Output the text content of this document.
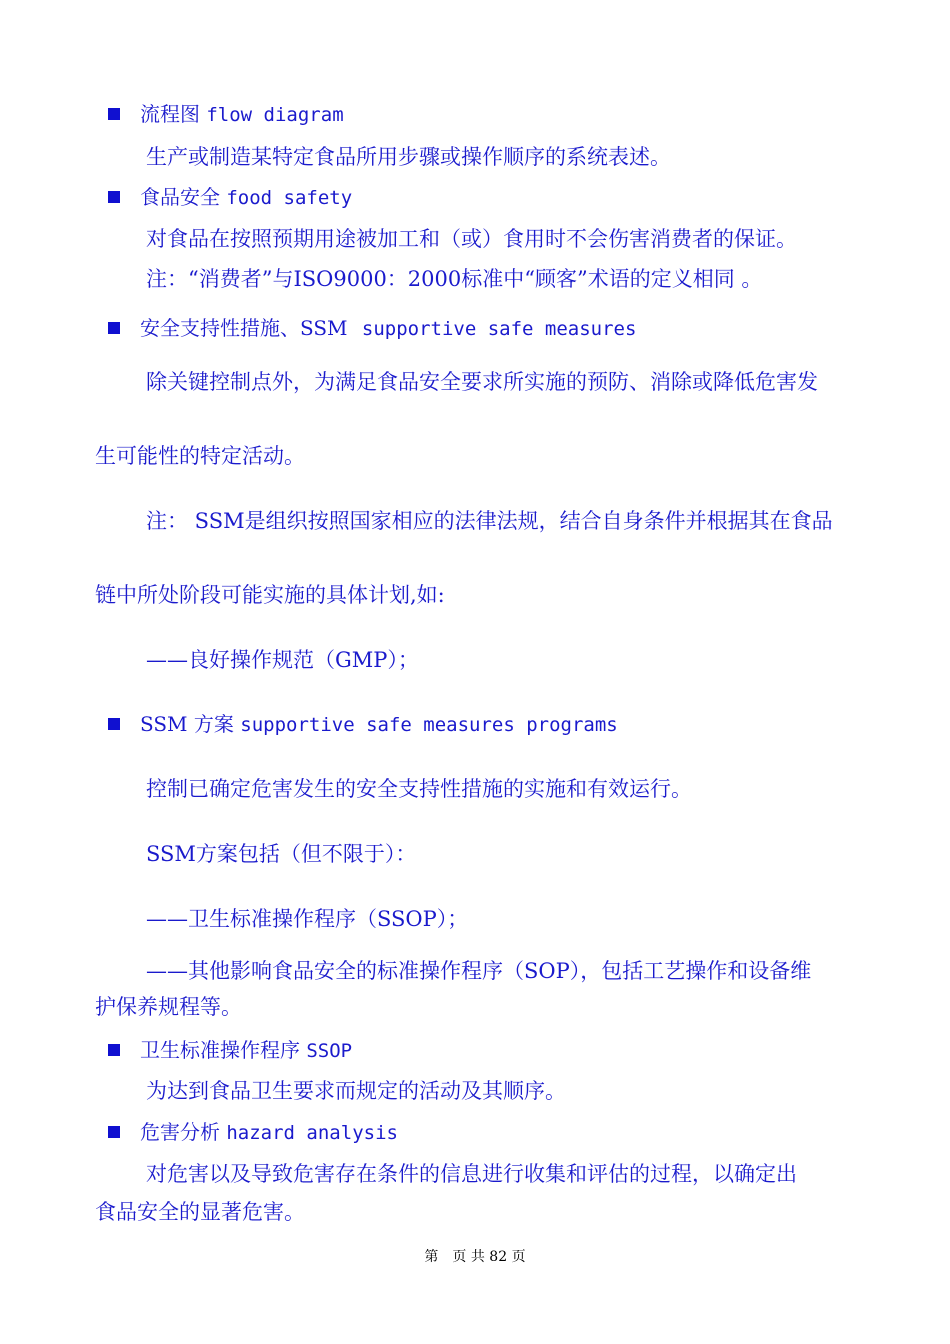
流程图 flow diagram
生产或制造某特定食品所用步骤或操作顺序的系统表述。
食品安全 food safety
对食品在按照预期用途被加工和（或）食用时不会伤害消费者的保证。
注：“消费者”与ISO9000：2000标准中“顾客”术语的定义相同 。
安全支持性措施、SSM supportive safe measures
除关键控制点外，为满足食品安全要求所实施的预防、消除或降低危害发
生可能性的特定活动。
注： SSM是组织按照国家相应的法律法规，结合自身条件并根据其在食品
链中所处阶段可能实施的具体计划,如:
——良好操作规范（GMP）；
SSM 方案 supportive safe measures programs
控制已确定危害发生的安全支持性措施的实施和有效运行。
SSM方案包括（但不限于）：
——卫生标准操作程序（SSOP）；
——其他影响食品安全的标准操作程序（SOP），包括工艺操作和设备维
护保养规程等。
卫生标准操作程序 SSOP
为达到食品卫生要求而规定的活动及其顺序。
危害分析 hazard analysis
对危害以及导致危害存在条件的信息进行收集和评估的过程，以确定出
食品安全的显著危害。
第　页 共 82 页
